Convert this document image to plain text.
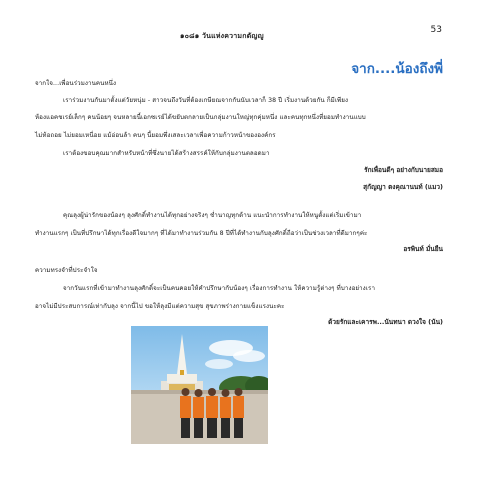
๑๐๘๑ วันแห่งความกตัญญู
53
จาก....น้องถึงพี่
จากใจ...เพื่อนร่วมงานคนหนึ่ง
เราร่วมงานกันมาตั้งแต่วัยหนุ่ม - สาวจนถึงวันที่ต้องเกษียณจากกันนับเวลาก็ 38 ปี เริ่มงานด้วยกัน ก็มีเพียง
ห้องแอคชเรย์เล็กๆ คนน้อยๆ จนหลายนี้เอกซเรย์ได้ขยับตกลายเป็นกลุ่มงานใหญ่ทุกคุ่มหนึ่ง และคนทุกหนึ่งที่ยอมทำงานแบบ
ไม่ท้อถอย ไม่ยอมเหนื่อย แม้อ่อนล้า คนๆ นี้ยอมพึ่งเสละเวลาเพื่อความก้าวหน้าขององค์กร
เราต้องขอบคุณมากสำหรับหน้าที่ซึ่งนายได้สร้างสรรค์ให้กับกลุ่มงานตลอดมา
รักเพื่อนดีๆ อย่างกับนายสมอ
สุกัญญา ตงคุณานนท์ (แมว)
คุณลุงผู้น่ารักของน้องๆ ลุงศักดิ์ทำงานได้ทุกอย่างจริงๆ ช่ำนาญทุกด้าน แนะนำการทำงานให้หนูตั้งแต่เริ่มเข้ามา
ทำงานแรกๆ เป็นที่ปรึกษาได้ทุกเรื่องดีใจมากๆ ที่ได้มาทำงานร่วมกัน 8 ปีที่ได้ทำงานกับลุงศักดิ์ถือว่าเป็นช่วงเวลาที่ดีมากๆค่ะ
อรพินท์ มั่นยืน
ความทรงจำที่ประจำใจ
จากวันแรกที่เข้ามาทำงานลุงศักดิ์จะเป็นคนคอยให้คำปรึกษากับน้องๆ เรื่องการทำงาน ให้ความรู้ต่างๆ ที่บางอย่างเรา
อาจไม่มีประสบการณ์เท่ากับลุง จากนี้ไป ขอให้ลุงมีแต่ความสุข สุขภาพร่างกายแข็งแรงนะคะ
ด้วยรักและเคารพ...นันทนา ดวงใจ (นัน)
